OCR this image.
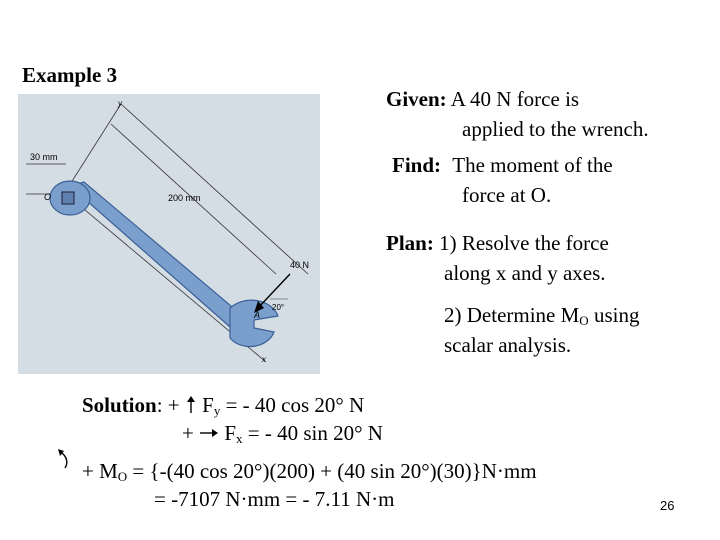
Example 3
30 mm
200 mm
O
y
x
40 N
20°
A
Given: A 40 N force is
applied to the wrench.
Find: The moment of the
force at O.
Plan: 1) Resolve the force
along x and y axes.
2) Determine $M_O$ using
scalar analysis.
Solution: +  $F_y$ = - 40 cos 20° N
+  $F_x$ = - 40 sin 20° N
+ $M_O = \{-(40$ cos 20°)(200) + (40 sin 20°)(30)}N·mm
= -7107 N·mm = - 7.11 N·m	26
